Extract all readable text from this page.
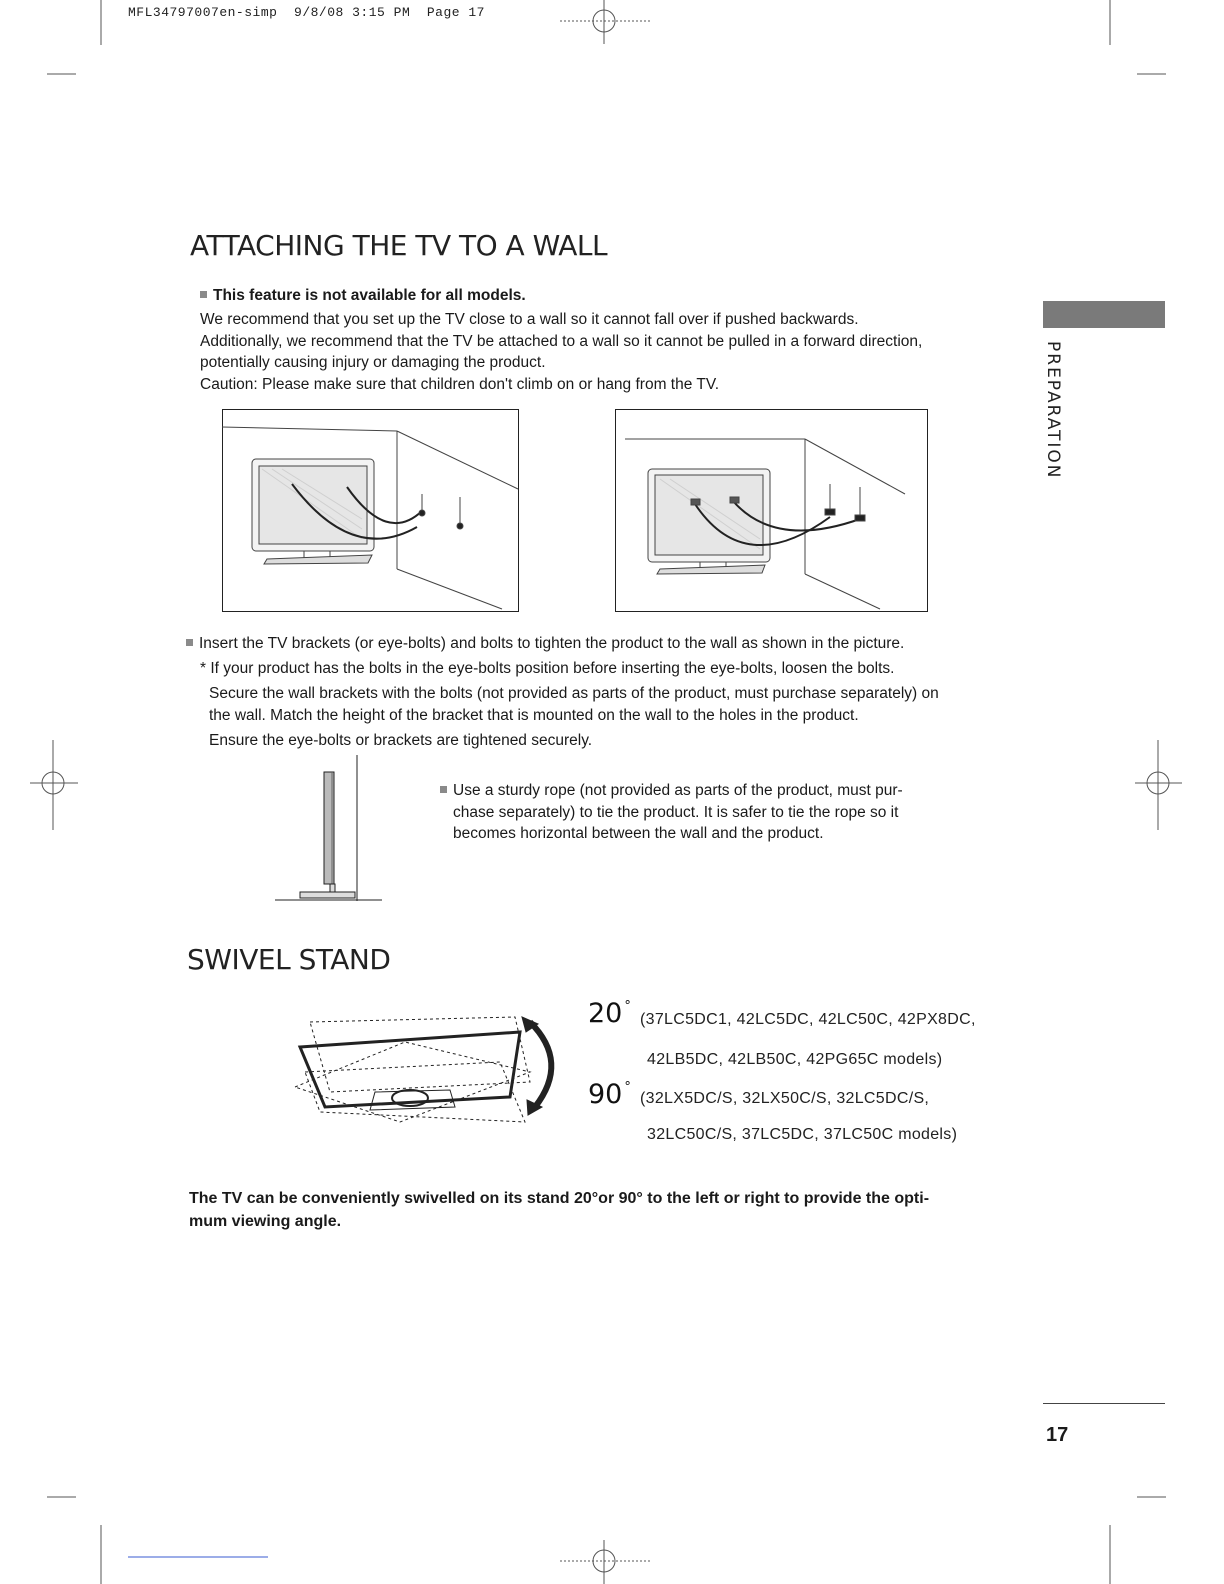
MFL34797007en-simp  9/8/08 3:15 PM  Page 17
PREPARATION
ATTACHING THE TV TO A WALL
This feature is not available for all models.
We recommend that you set up the TV close to a wall so it cannot fall over if pushed backwards.
Additionally, we recommend that the TV be attached to a wall so it cannot be pulled in a forward direction,
potentially causing injury or damaging the product.
Caution: Please make sure that children don't climb on or hang from the TV.
Insert the TV brackets (or eye-bolts) and bolts to tighten the product to the wall as shown in the picture.
* If your product has the bolts in the eye-bolts position before inserting the eye-bolts, loosen the bolts.
Secure the wall brackets with the bolts (not provided as parts of the product, must purchase separately) on
the wall. Match the height of the bracket that is mounted on the wall to the holes in the product.
Ensure the eye-bolts or brackets are tightened securely.
Use a sturdy rope (not provided as parts of the product, must pur-
chase separately) to tie the product. It is safer to tie the rope so it
becomes horizontal between the wall and the product.
SWIVEL STAND
20 °
(37LC5DC1, 42LC5DC, 42LC50C, 42PX8DC,
42LB5DC, 42LB50C, 42PG65C models)
90 °
(32LX5DC/S, 32LX50C/S, 32LC5DC/S,
32LC50C/S, 37LC5DC, 37LC50C models)
The TV can be conveniently swivelled on its stand 20°or 90° to the left or right to provide the opti-
mum viewing angle.
17
